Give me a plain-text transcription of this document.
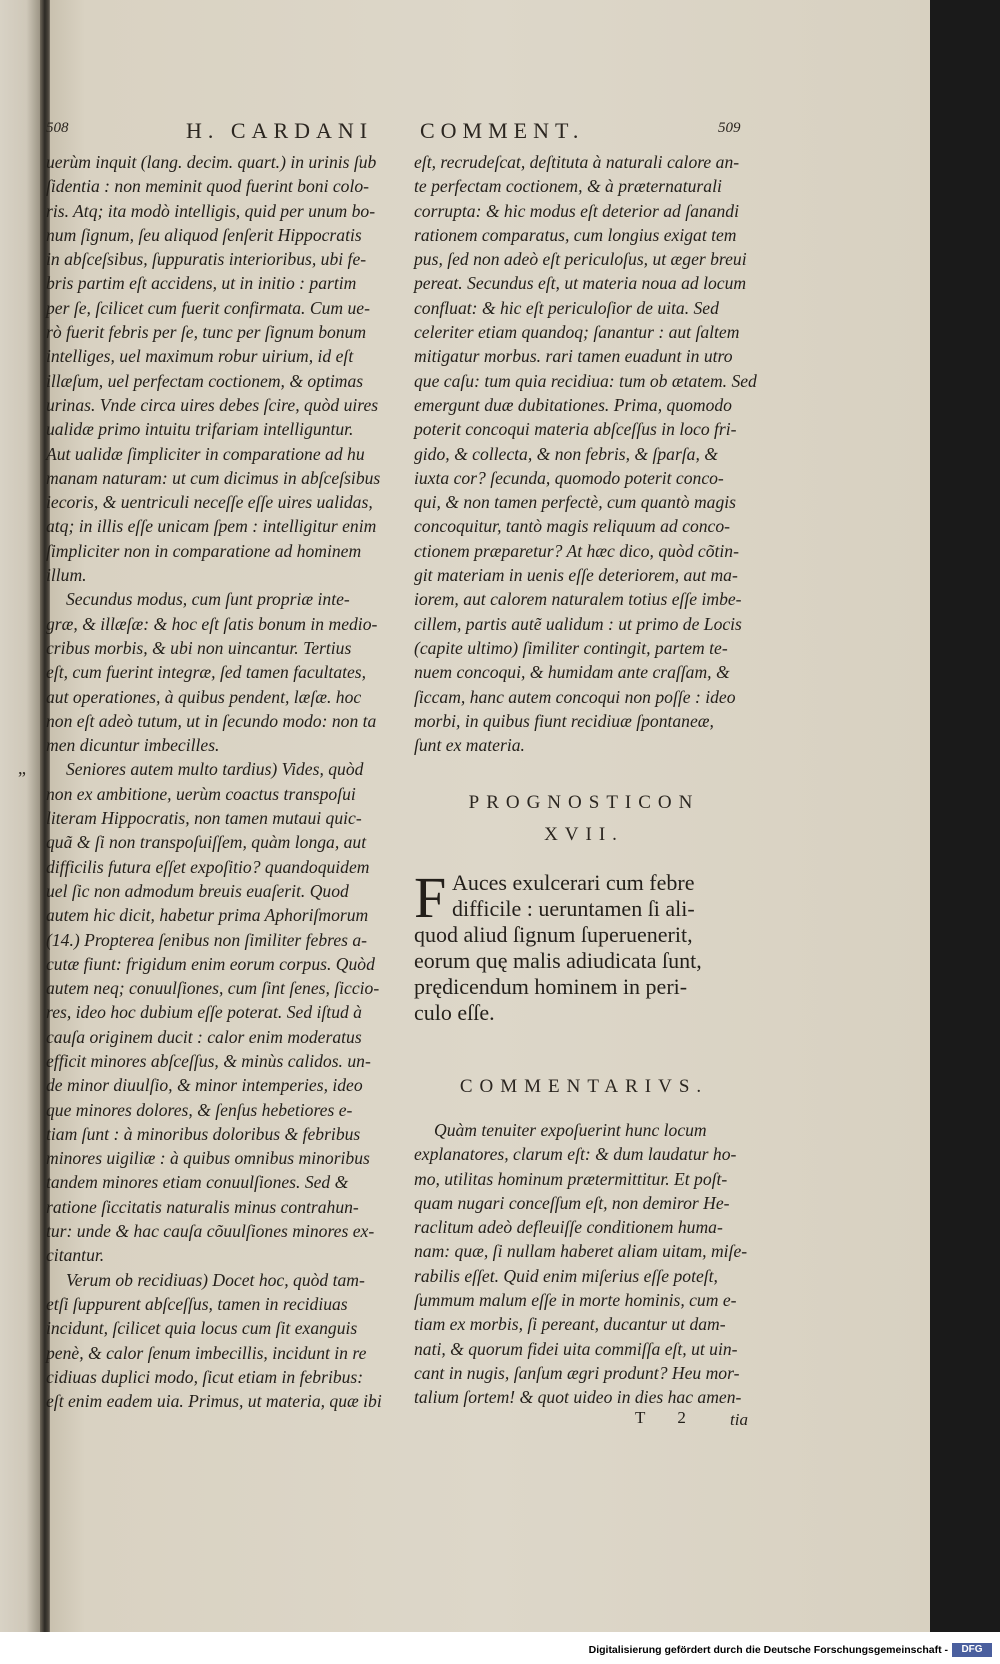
508	H. CARDANI COMMENT.	509
„
uerùm inquit (lang. decim. quart.) in urinis ſub
ſidentia : non meminit quod fuerint boni colo-
ris. Atq; ita modò intelligis, quid per unum bo-
num ſignum, ſeu aliquod ſenſerit Hippocratis
in abſceſsibus, ſuppuratis interioribus, ubi fe-
bris partim eſt accidens, ut in initio : partim
per ſe, ſcilicet cum fuerit confirmata. Cum ue-
rò fuerit febris per ſe, tunc per ſignum bonum
intelliges, uel maximum robur uirium, id eſt
illæſum, uel perfectam coctionem, & optimas
urinas. Vnde circa uires debes ſcire, quòd uires
ualidæ primo intuitu trifariam intelliguntur.
Aut ualidæ ſimpliciter in comparatione ad hu
manam naturam: ut cum dicimus in abſceſsibus
iecoris, & uentriculi neceſſe eſſe uires ualidas,
atq; in illis eſſe unicam ſpem : intelligitur enim
ſimpliciter non in comparatione ad hominem
illum.
Secundus modus, cum ſunt propriæ inte-
græ, & illæſæ: & hoc eſt ſatis bonum in medio-
cribus morbis, & ubi non uincantur. Tertius
eſt, cum fuerint integræ, ſed tamen facultates,
aut operationes, à quibus pendent, læſæ. hoc
non eſt adeò tutum, ut in ſecundo modo: non ta
men dicuntur imbecilles.
Seniores autem multo tardius) Vides, quòd
non ex ambitione, uerùm coactus transpoſui
literam Hippocratis, non tamen mutaui quic-
quã & ſi non transpoſuiſſem, quàm longa, aut
difficilis futura eſſet expoſitio? quandoquidem
uel ſic non admodum breuis euaſerit. Quod
autem hic dicit, habetur prima Aphoriſmorum
(14.) Propterea ſenibus non ſimiliter febres a-
cutæ fiunt: frigidum enim eorum corpus. Quòd
autem neq; conuulſiones, cum ſint ſenes, ſiccio-
res, ideo hoc dubium eſſe poterat. Sed iſtud à
cauſa originem ducit : calor enim moderatus
efficit minores abſceſſus, & minùs calidos. un-
de minor diuulſio, & minor intemperies, ideo
que minores dolores, & ſenſus hebetiores e-
tiam ſunt : à minoribus doloribus & febribus
minores uigiliæ : à quibus omnibus minoribus
tandem minores etiam conuulſiones. Sed &
ratione ſiccitatis naturalis minus contrahun-
tur: unde & hac cauſa cõuulſiones minores ex-
citantur.
Verum ob recidiuas) Docet hoc, quòd tam-
etſi ſuppurent abſceſſus, tamen in recidiuas
incidunt, ſcilicet quia locus cum ſit exanguis
penè, & calor ſenum imbecillis, incidunt in re
cidiuas duplici modo, ſicut etiam in febribus:
eſt enim eadem uia. Primus, ut materia, quæ ibi
eſt, recrudeſcat, deſtituta à naturali calore an-
te perfectam coctionem, & à præternaturali
corrupta: & hic modus eſt deterior ad ſanandi
rationem comparatus, cum longius exigat tem
pus, ſed non adeò eſt periculoſus, ut æger breui
pereat. Secundus eſt, ut materia noua ad locum
confluat: & hic eſt periculoſior de uita. Sed
celeriter etiam quandoq; ſanantur : aut ſaltem
mitigatur morbus. rari tamen euadunt in utro
que caſu: tum quia recidiua: tum ob ætatem. Sed
emergunt duæ dubitationes. Prima, quomodo
poterit concoqui materia abſceſſus in loco fri-
gido, & collecta, & non febris, & ſparſa, &
iuxta cor? ſecunda, quomodo poterit conco-
qui, & non tamen perfectè, cum quantò magis
concoquitur, tantò magis reliquum ad conco-
ctionem præparetur? At hæc dico, quòd cõtin-
git materiam in uenis eſſe deteriorem, aut ma-
iorem, aut calorem naturalem totius eſſe imbe-
cillem, partis autẽ ualidum : ut primo de Locis
(capite ultimo) ſimiliter contingit, partem te-
nuem concoqui, & humidam ante craſſam, &
ſiccam, hanc autem concoqui non poſſe : ideo
morbi, in quibus fiunt recidiuæ ſpontaneæ,
ſunt ex materia.
PROGNOSTICON
XVII.
F Auces exulcerari cum febre
difficile : ueruntamen ſi ali-
quod aliud ſignum ſuperuenerit,
eorum quę malis adiudicata ſunt,
prędicendum hominem in peri-
culo eſſe.
COMMENTARIVS.
Quàm tenuiter expoſuerint hunc locum
explanatores, clarum eſt: & dum laudatur ho-
mo, utilitas hominum prætermittitur. Et poſt-
quam nugari conceſſum eſt, non demiror He-
raclitum adeò defleuiſſe conditionem huma-
nam: quæ, ſi nullam haberet aliam uitam, miſe-
rabilis eſſet. Quid enim miſerius eſſe poteſt,
ſummum malum eſſe in morte hominis, cum e-
tiam ex morbis, ſi pereant, ducantur ut dam-
nati, & quorum fidei uita commiſſa eſt, ut uin-
cant in nugis, ſanſum ægri produnt? Heu mor-
talium ſortem! & quot uideo in dies hac amen-
T 2 tia
Digitalisierung gefördert durch die Deutsche Forschungsgemeinschaft -	DFG
